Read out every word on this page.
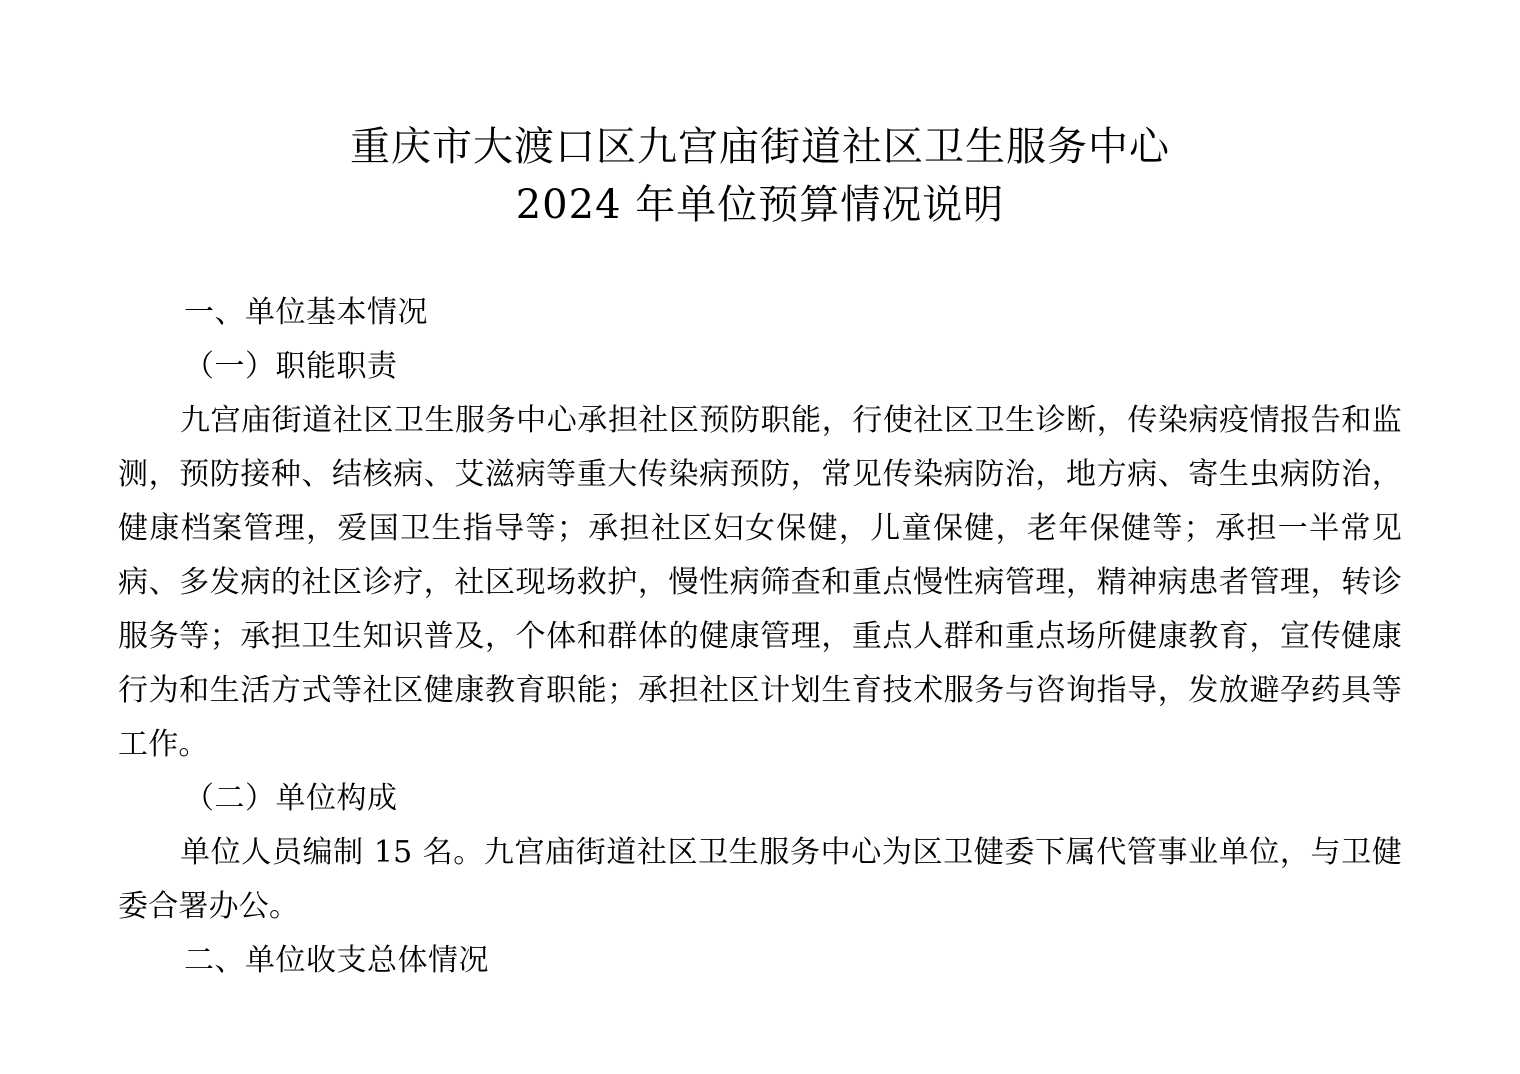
重庆市大渡口区九宫庙街道社区卫生服务中心
2024 年单位预算情况说明
一、单位基本情况
（一）职能职责
九宫庙街道社区卫生服务中心承担社区预防职能，行使社区卫生诊断，传染病疫情报告和监测，预防接种、结核病、艾滋病等重大传染病预防，常见传染病防治，地方病、寄生虫病防治，健康档案管理，爱国卫生指导等；承担社区妇女保健，儿童保健，老年保健等；承担一半常见病、多发病的社区诊疗，社区现场救护，慢性病筛查和重点慢性病管理，精神病患者管理，转诊服务等；承担卫生知识普及，个体和群体的健康管理，重点人群和重点场所健康教育，宣传健康行为和生活方式等社区健康教育职能；承担社区计划生育技术服务与咨询指导，发放避孕药具等工作。
（二）单位构成
单位人员编制 15 名。九宫庙街道社区卫生服务中心为区卫健委下属代管事业单位，与卫健委合署办公。
二、单位收支总体情况
